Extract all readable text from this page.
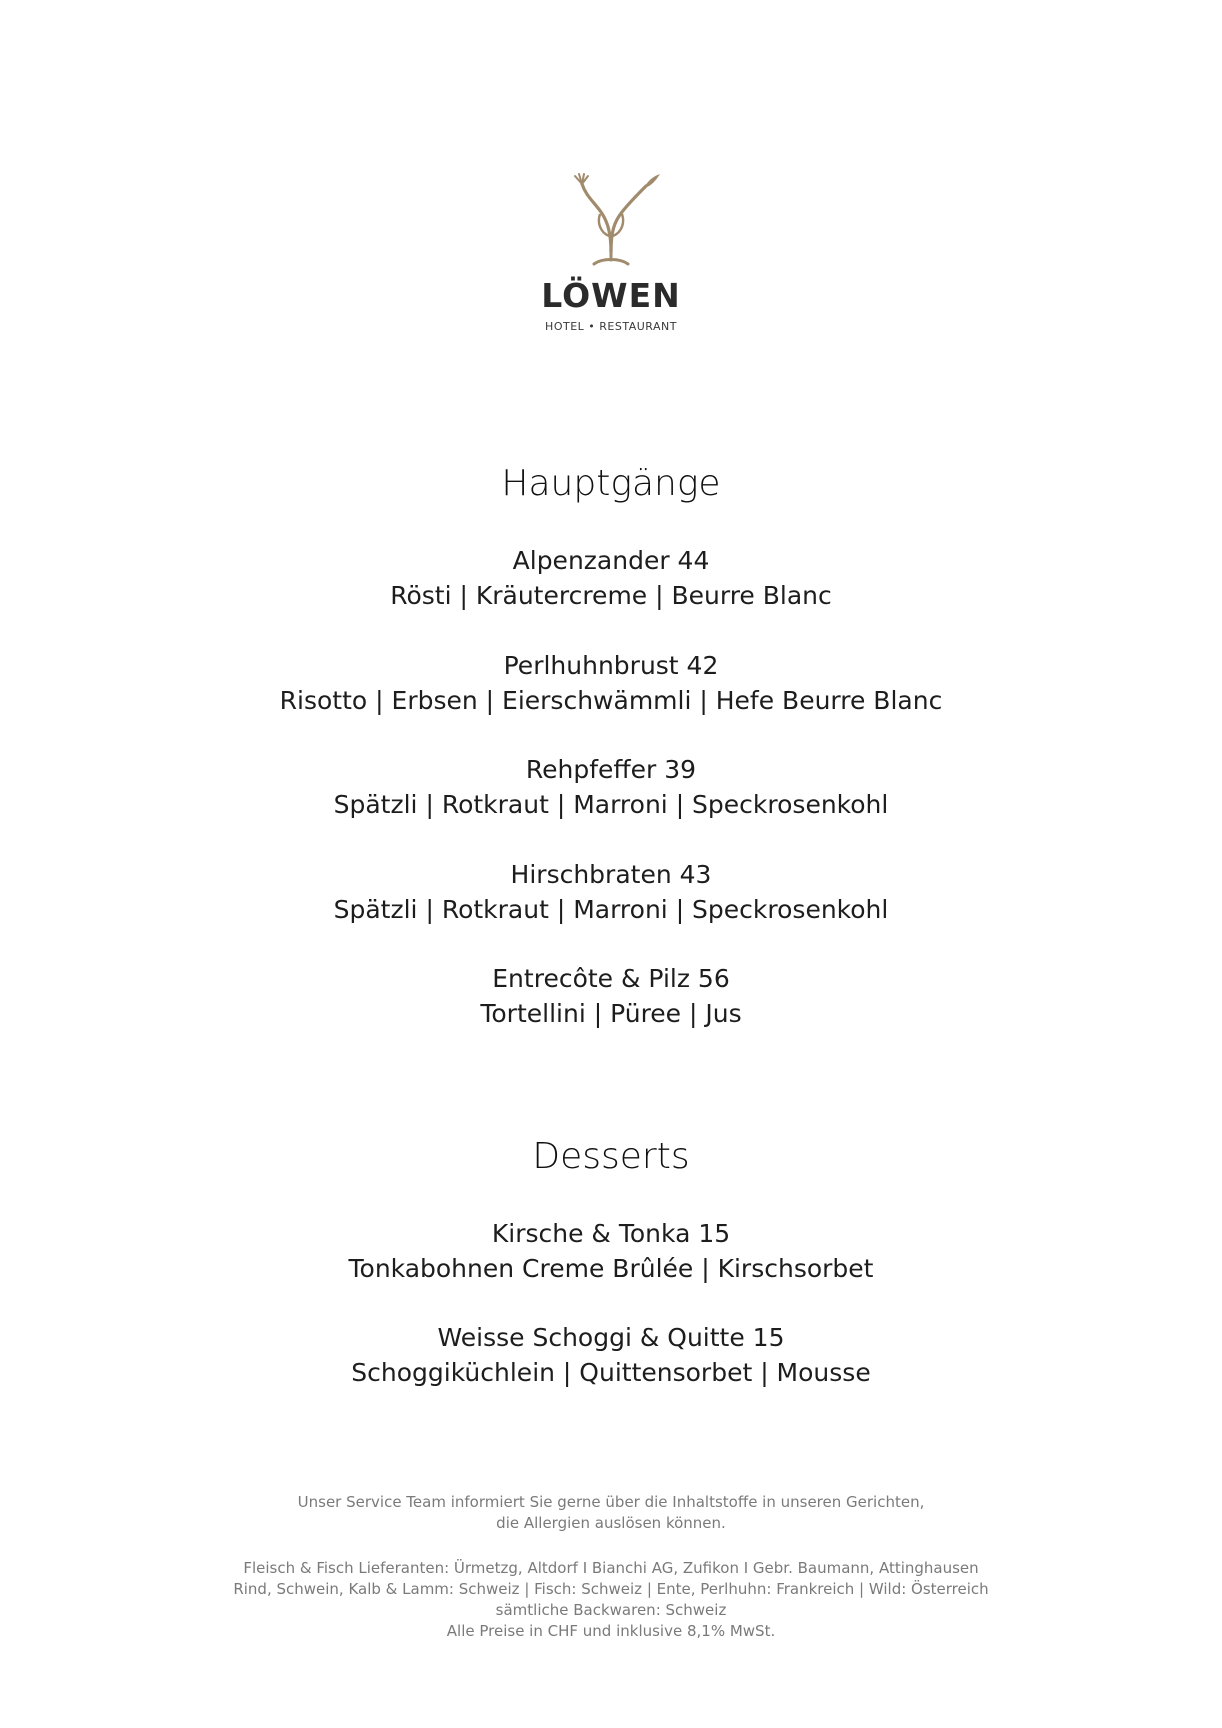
LÖWEN
HOTEL • RESTAURANT
Hauptgänge
Alpenzander 44
Rösti | Kräutercreme | Beurre Blanc
Perlhuhnbrust 42
Risotto | Erbsen | Eierschwämmli | Hefe Beurre Blanc
Rehpfeffer 39
Spätzli | Rotkraut | Marroni | Speckrosenkohl
Hirschbraten 43
Spätzli | Rotkraut | Marroni | Speckrosenkohl
Entrecôte & Pilz 56
Tortellini | Püree | Jus
Desserts
Kirsche & Tonka 15
Tonkabohnen Creme Brûlée | Kirschsorbet
Weisse Schoggi & Quitte 15
Schoggiküchlein | Quittensorbet | Mousse
Unser Service Team informiert Sie gerne über die Inhaltstoffe in unseren Gerichten,
die Allergien auslösen können.
Fleisch & Fisch Lieferanten: Ürmetzg, Altdorf I Bianchi AG, Zufikon I Gebr. Baumann, Attinghausen
Rind, Schwein, Kalb & Lamm: Schweiz | Fisch: Schweiz | Ente, Perlhuhn: Frankreich | Wild: Österreich
sämtliche Backwaren: Schweiz
Alle Preise in CHF und inklusive 8,1% MwSt.
